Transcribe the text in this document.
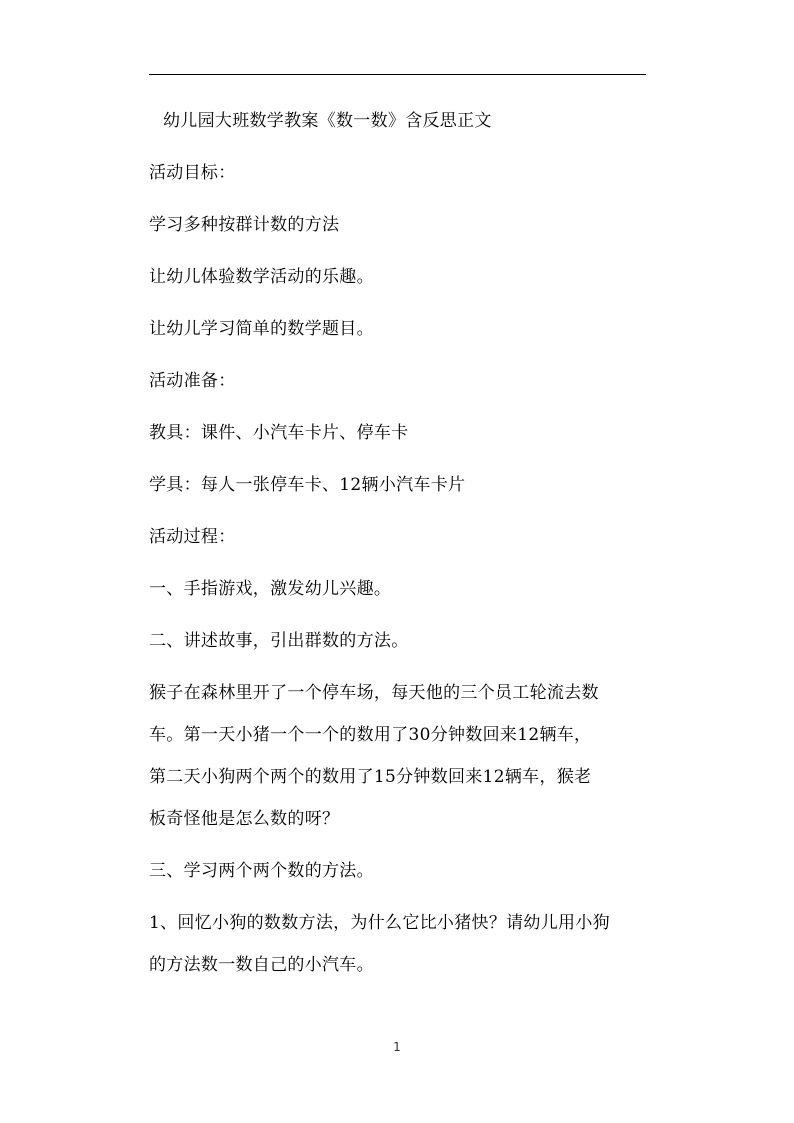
幼儿园大班数学教案《数一数》含反思正文
活动目标：
学习多种按群计数的方法
让幼儿体验数学活动的乐趣。
让幼儿学习简单的数学题目。
活动准备：
教具：课件、小汽车卡片、停车卡
学具：每人一张停车卡、12辆小汽车卡片
活动过程：
一、手指游戏，激发幼儿兴趣。
二、讲述故事，引出群数的方法。
猴子在森林里开了一个停车场，每天他的三个员工轮流去数
车。第一天小猪一个一个的数用了30分钟数回来12辆车，
第二天小狗两个两个的数用了15分钟数回来12辆车，猴老
板奇怪他是怎么数的呀？
三、学习两个两个数的方法。
1、回忆小狗的数数方法，为什么它比小猪快？请幼儿用小狗
的方法数一数自己的小汽车。
1
